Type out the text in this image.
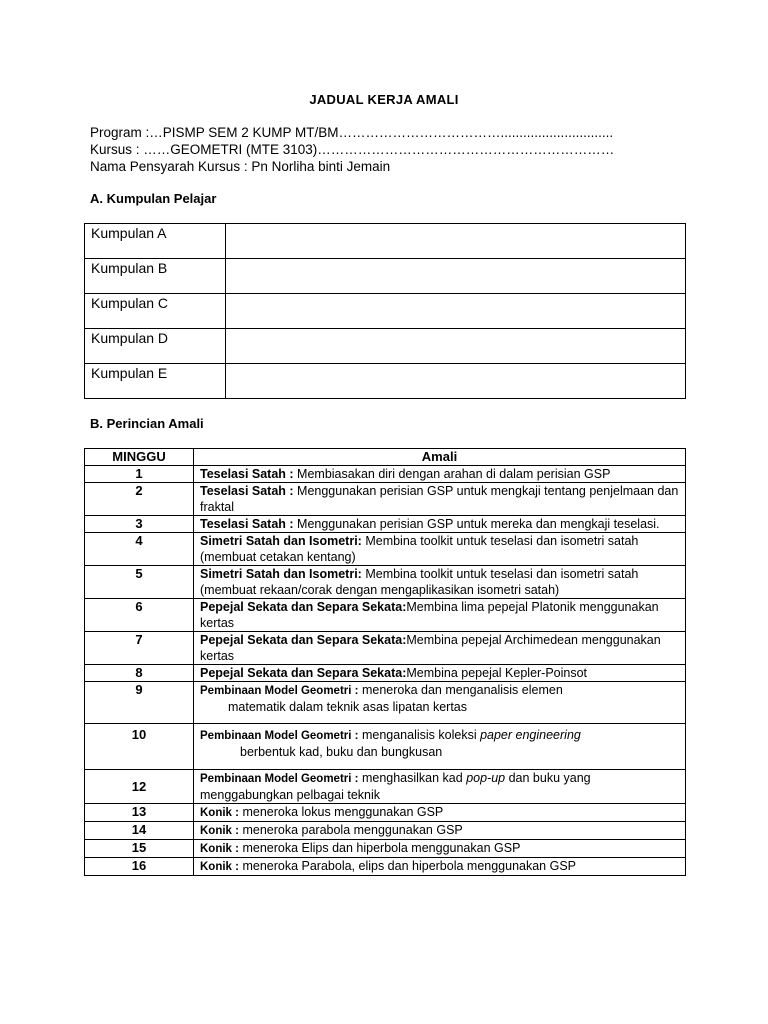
JADUAL KERJA AMALI
Program :…PISMP SEM 2 KUMP MT/BM………………………………..............................
Kursus : ……GEOMETRI (MTE 3103)…………………………………………………………
Nama Pensyarah Kursus : Pn Norliha binti Jemain
A. Kumpulan Pelajar
Kumpulan A	
Kumpulan B	
Kumpulan C	
Kumpulan D	
Kumpulan E	
B. Perincian Amali
MINGGU	Amali
1	Teselasi Satah : Membiasakan diri dengan arahan di dalam perisian GSP
2	Teselasi Satah : Menggunakan perisian GSP untuk mengkaji tentang penjelmaan dan fraktal
3	Teselasi Satah : Menggunakan perisian GSP untuk mereka dan mengkaji teselasi.
4	Simetri Satah dan Isometri: Membina toolkit untuk teselasi dan isometri satah (membuat cetakan kentang)
5	Simetri Satah dan Isometri: Membina toolkit untuk teselasi dan isometri satah (membuat rekaan/corak dengan mengaplikasikan isometri satah)
6	Pepejal Sekata dan Separa Sekata:Membina lima pepejal Platonik menggunakan kertas
7	Pepejal Sekata dan Separa Sekata:Membina pepejal Archimedean menggunakan kertas
8	Pepejal Sekata dan Separa Sekata:Membina pepejal Kepler-Poinsot
9	Pembinaan Model Geometri : meneroka dan menganalisis elemen
matematik dalam teknik asas lipatan kertas

10	Pembinaan Model Geometri : menganalisis koleksi paper engineering
berbentuk kad, buku dan bungkusan

12	Pembinaan Model Geometri : menghasilkan kad pop-up dan buku yang menggabungkan pelbagai teknik
13	Konik : meneroka lokus menggunakan GSP
14	Konik : meneroka parabola menggunakan GSP
15	Konik : meneroka Elips dan hiperbola menggunakan GSP
16	Konik : meneroka Parabola, elips dan hiperbola menggunakan GSP
